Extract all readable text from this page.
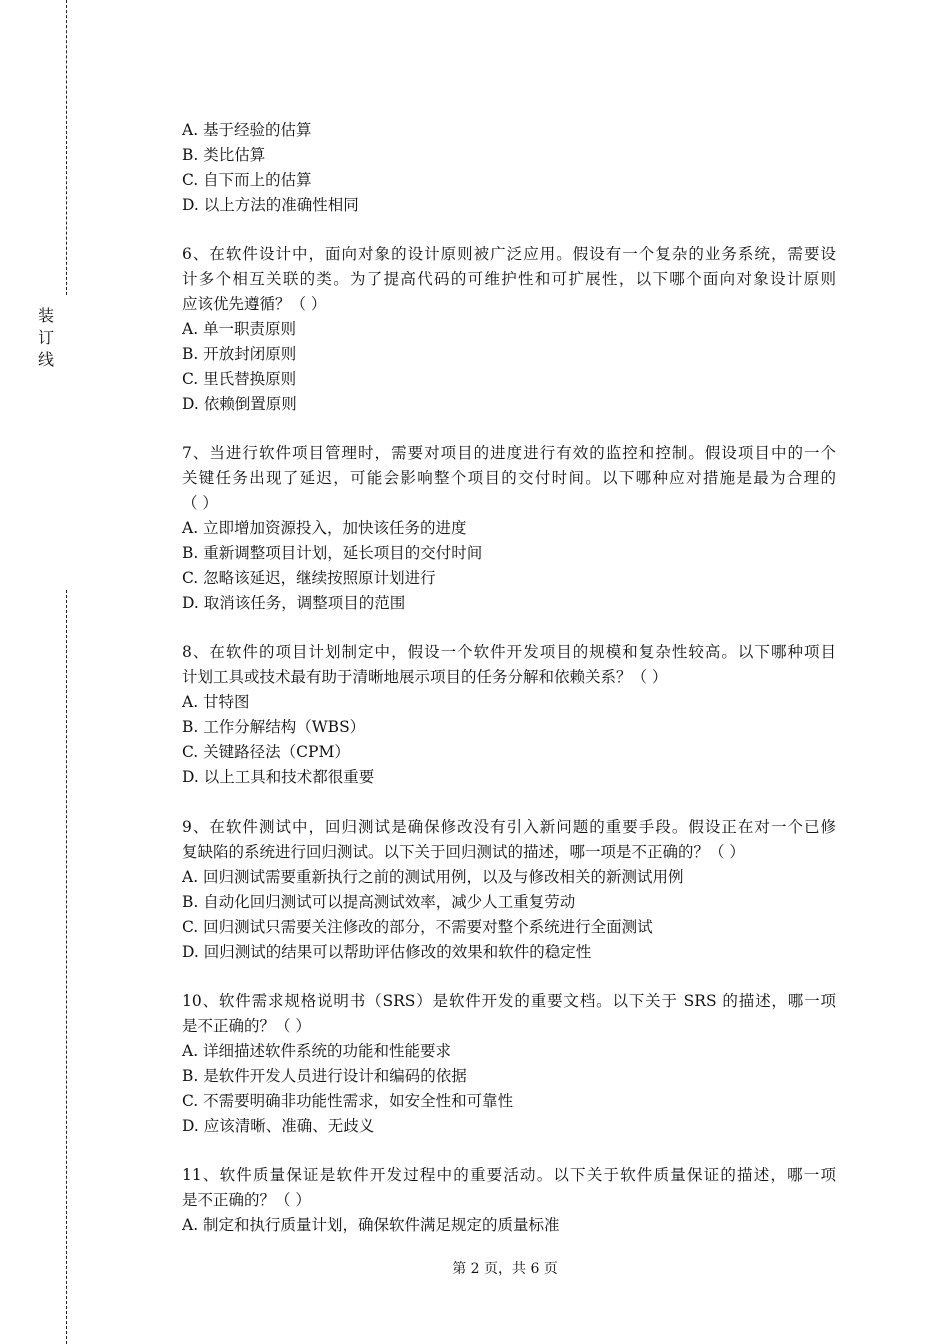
装订线
A. 基于经验的估算
B. 类比估算
C. 自下而上的估算
D. 以上方法的准确性相同
6、在软件设计中，面向对象的设计原则被广泛应用。假设有一个复杂的业务系统，需要设
计多个相互关联的类。为了提高代码的可维护性和可扩展性，以下哪个面向对象设计原则
应该优先遵循？（ ）
A. 单一职责原则
B. 开放封闭原则
C. 里氏替换原则
D. 依赖倒置原则
7、当进行软件项目管理时，需要对项目的进度进行有效的监控和控制。假设项目中的一个
关键任务出现了延迟，可能会影响整个项目的交付时间。以下哪种应对措施是最为合理的
（ ）
A. 立即增加资源投入，加快该任务的进度
B. 重新调整项目计划，延长项目的交付时间
C. 忽略该延迟，继续按照原计划进行
D. 取消该任务，调整项目的范围
8、在软件的项目计划制定中，假设一个软件开发项目的规模和复杂性较高。以下哪种项目
计划工具或技术最有助于清晰地展示项目的任务分解和依赖关系？（ ）
A. 甘特图
B. 工作分解结构（WBS）
C. 关键路径法（CPM）
D. 以上工具和技术都很重要
9、在软件测试中，回归测试是确保修改没有引入新问题的重要手段。假设正在对一个已修
复缺陷的系统进行回归测试。以下关于回归测试的描述，哪一项是不正确的？（ ）
A. 回归测试需要重新执行之前的测试用例，以及与修改相关的新测试用例
B. 自动化回归测试可以提高测试效率，减少人工重复劳动
C. 回归测试只需要关注修改的部分，不需要对整个系统进行全面测试
D. 回归测试的结果可以帮助评估修改的效果和软件的稳定性
10、软件需求规格说明书（SRS）是软件开发的重要文档。以下关于 SRS 的描述，哪一项
是不正确的？（ ）
A. 详细描述软件系统的功能和性能要求
B. 是软件开发人员进行设计和编码的依据
C. 不需要明确非功能性需求，如安全性和可靠性
D. 应该清晰、准确、无歧义
11、软件质量保证是软件开发过程中的重要活动。以下关于软件质量保证的描述，哪一项
是不正确的？（ ）
A. 制定和执行质量计划，确保软件满足规定的质量标准
第 2 页，共 6 页
